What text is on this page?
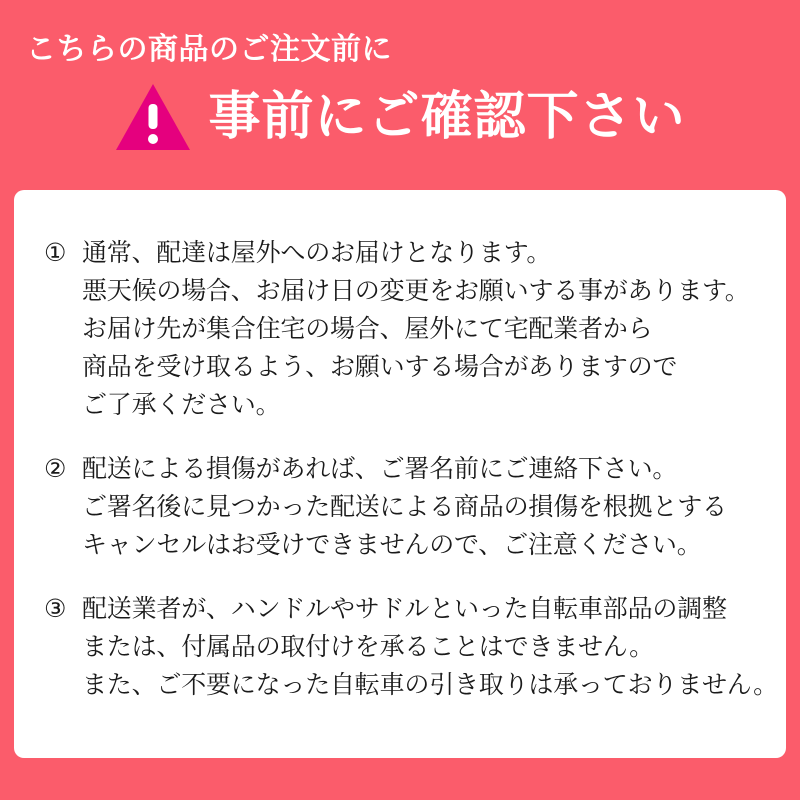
こちらの商品のご注文前に
事前にご確認下さい
① 通常、配達は屋外へのお届けとなります。
悪天候の場合、お届け日の変更をお願いする事があります。
お届け先が集合住宅の場合、屋外にて宅配業者から
商品を受け取るよう、お願いする場合がありますので
ご了承ください。
② 配送による損傷があれば、ご署名前にご連絡下さい。
ご署名後に見つかった配送による商品の損傷を根拠とする
キャンセルはお受けできませんので、ご注意ください。
③ 配送業者が、ハンドルやサドルといった自転車部品の調整
または、付属品の取付けを承ることはできません。
また、ご不要になった自転車の引き取りは承っておりません。
